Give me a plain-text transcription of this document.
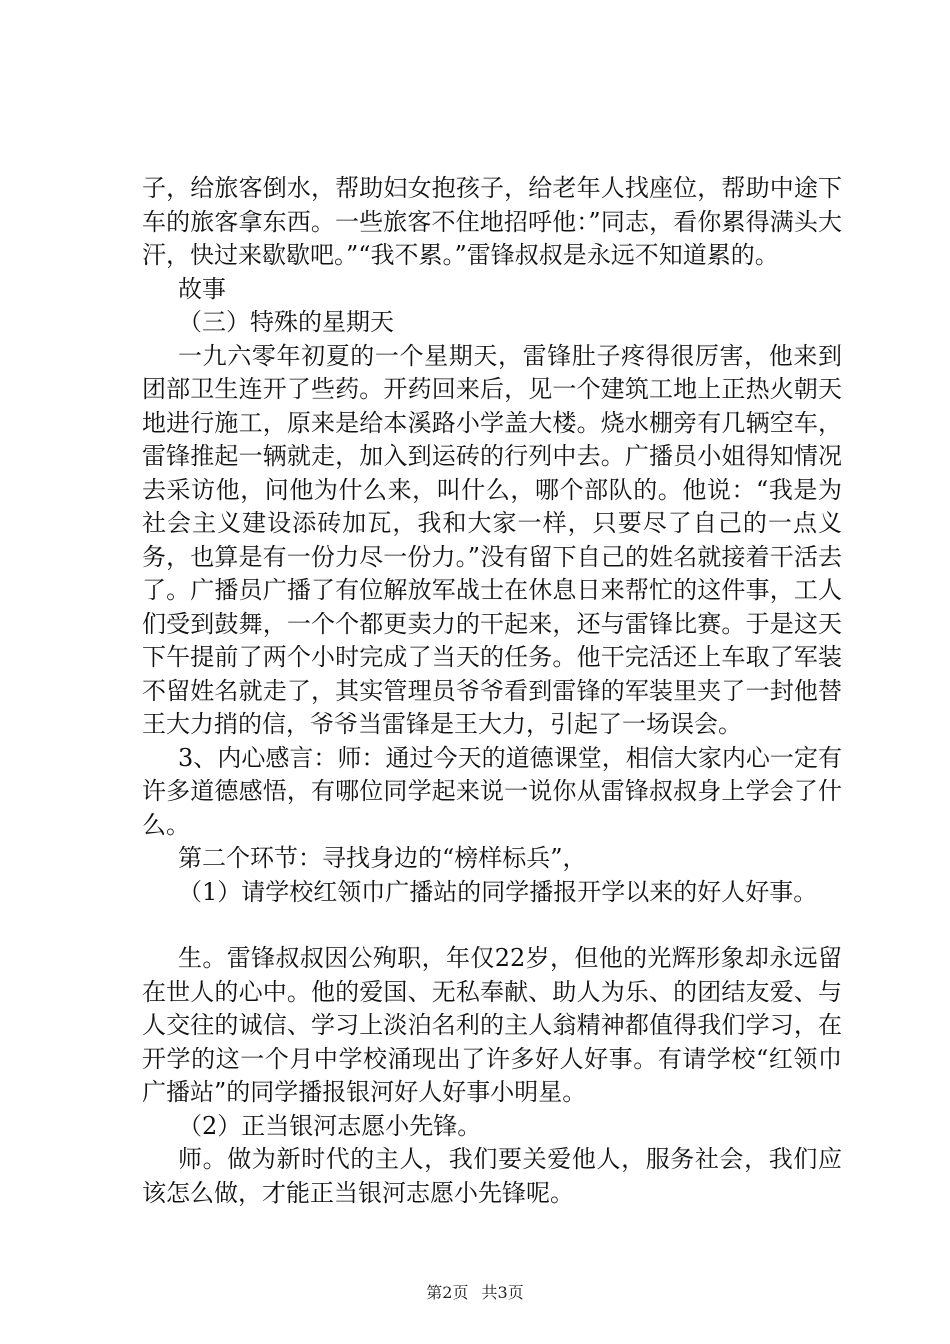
子，给旅客倒水，帮助妇女抱孩子，给老年人找座位，帮助中途下车的旅客拿东西。一些旅客不住地招呼他：”同志，看你累得满头大汗，快过来歇歇吧。”“我不累。”雷锋叔叔是永远不知道累的。

故事

（三）特殊的星期天

一九六零年初夏的一个星期天，雷锋肚子疼得很厉害，他来到团部卫生连开了些药。开药回来后，见一个建筑工地上正热火朝天地进行施工，原来是给本溪路小学盖大楼。烧水棚旁有几辆空车，雷锋推起一辆就走，加入到运砖的行列中去。广播员小姐得知情况去采访他，问他为什么来，叫什么，哪个部队的。他说：“我是为社会主义建设添砖加瓦，我和大家一样，只要尽了自己的一点义务，也算是有一份力尽一份力。”没有留下自己的姓名就接着干活去了。广播员广播了有位解放军战士在休息日来帮忙的这件事，工人们受到鼓舞，一个个都更卖力的干起来，还与雷锋比赛。于是这天下午提前了两个小时完成了当天的任务。他干完活还上车取了军装不留姓名就走了，其实管理员爷爷看到雷锋的军装里夹了一封他替王大力捎的信，爷爷当雷锋是王大力，引起了一场误会。

3、内心感言：师：通过今天的道德课堂，相信大家内心一定有许多道德感悟，有哪位同学起来说一说你从雷锋叔叔身上学会了什么。

第二个环节：寻找身边的“榜样标兵”，

（1）请学校红领巾广播站的同学播报开学以来的好人好事。

生。雷锋叔叔因公殉职，年仅22岁，但他的光辉形象却永远留在世人的心中。他的爱国、无私奉献、助人为乐、的团结友爱、与人交往的诚信、学习上淡泊名利的主人翁精神都值得我们学习，在开学的这一个月中学校涌现出了许多好人好事。有请学校“红领巾广播站”的同学播报银河好人好事小明星。

（2）正当银河志愿小先锋。

师。做为新时代的主人，我们要关爱他人，服务社会，我们应该怎么做，才能正当银河志愿小先锋呢。

第2页 共3页
